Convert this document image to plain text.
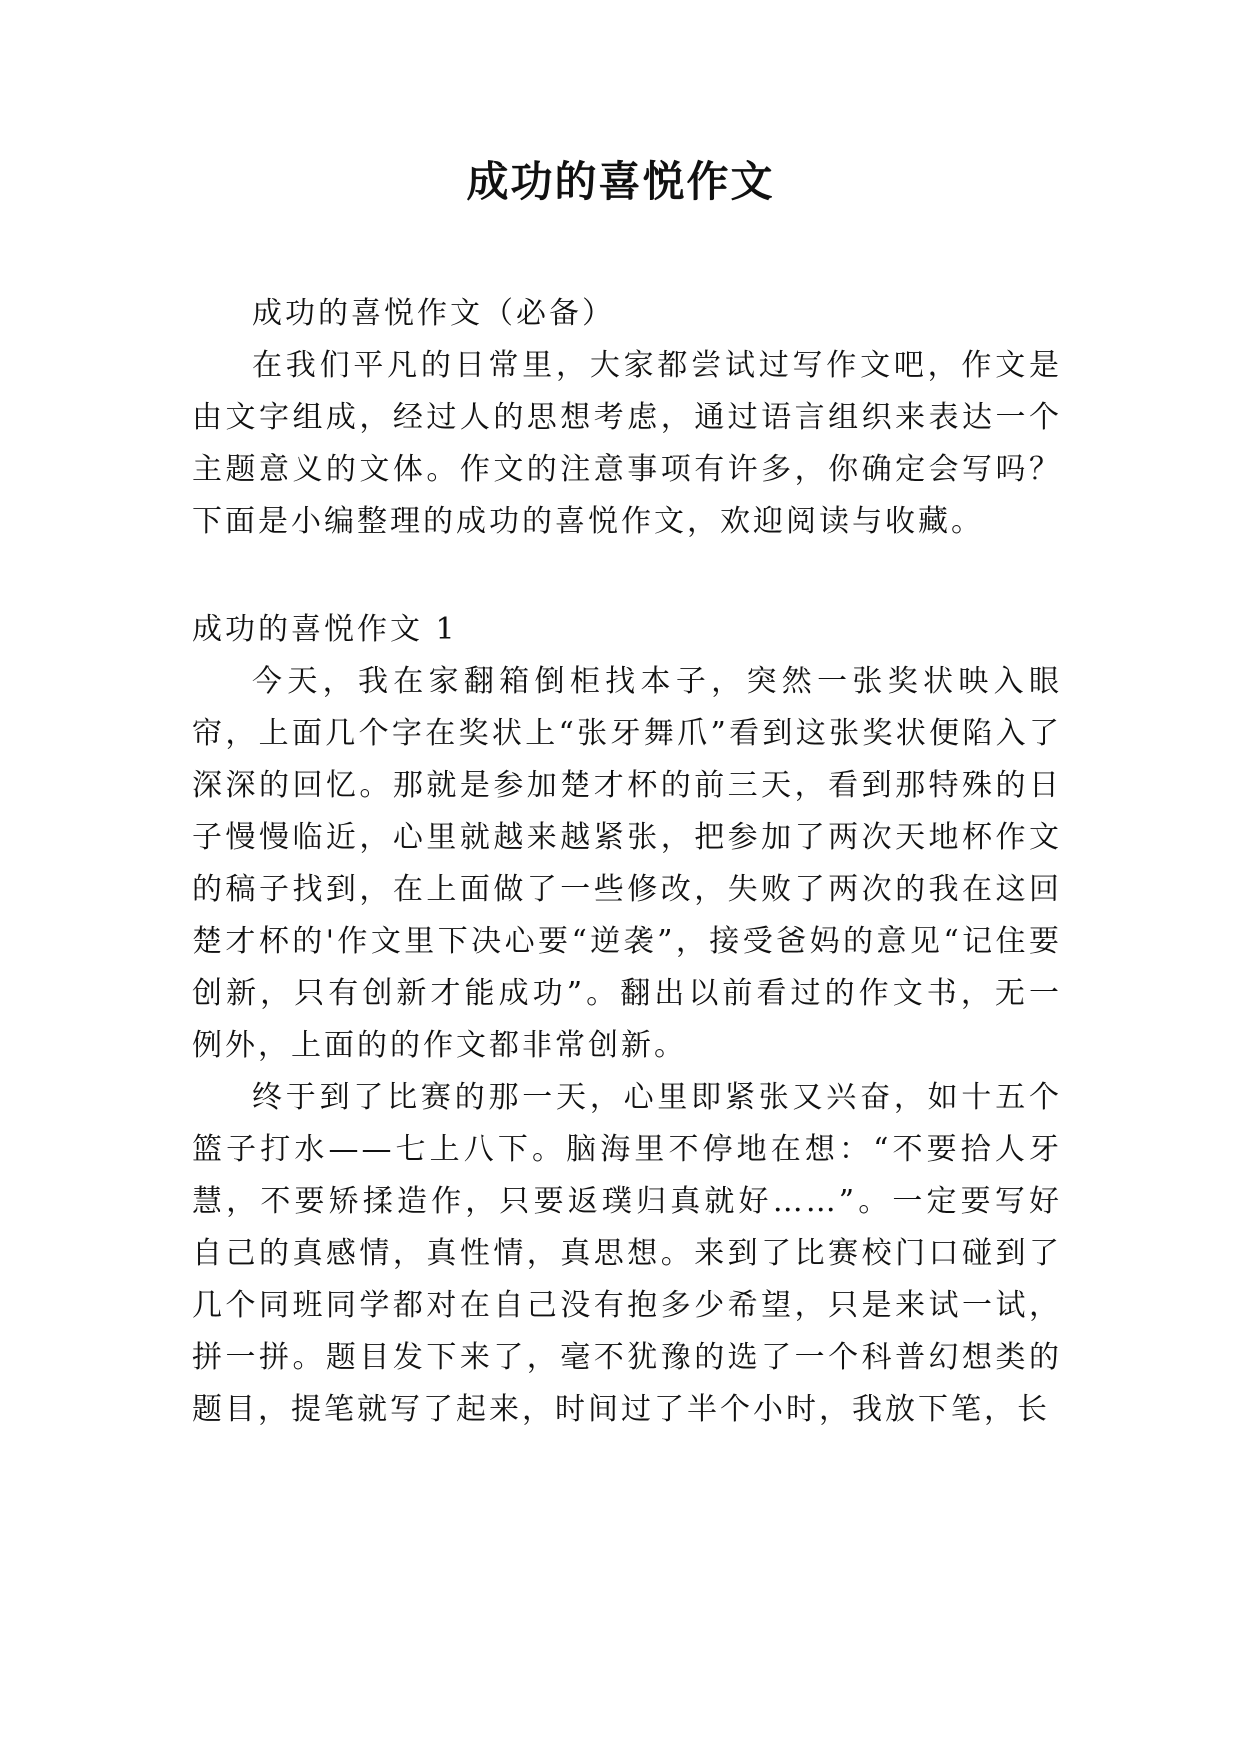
成功的喜悦作文

成功的喜悦作文（必备）

在我们平凡的日常里，大家都尝试过写作文吧，作文是由文字组成，经过人的思想考虑，通过语言组织来表达一个主题意义的文体。作文的注意事项有许多，你确定会写吗？下面是小编整理的成功的喜悦作文，欢迎阅读与收藏。

成功的喜悦作文 1

今天，我在家翻箱倒柜找本子，突然一张奖状映入眼帘，上面几个字在奖状上“张牙舞爪”看到这张奖状便陷入了深深的回忆。那就是参加楚才杯的前三天，看到那特殊的日子慢慢临近，心里就越来越紧张，把参加了两次天地杯作文的稿子找到，在上面做了一些修改，失败了两次的我在这回楚才杯的'作文里下决心要“逆袭”，接受爸妈的意见“记住要创新，只有创新才能成功”。翻出以前看过的作文书，无一例外，上面的的作文都非常创新。

终于到了比赛的那一天，心里即紧张又兴奋，如十五个篮子打水——七上八下。脑海里不停地在想：“不要拾人牙慧，不要矫揉造作，只要返璞归真就好……”。一定要写好自己的真感情，真性情，真思想。来到了比赛校门口碰到了几个同班同学都对在自己没有抱多少希望，只是来试一试，拼一拼。题目发下来了，毫不犹豫的选了一个科普幻想类的题目，提笔就写了起来，时间过了半个小时，我放下笔，长
